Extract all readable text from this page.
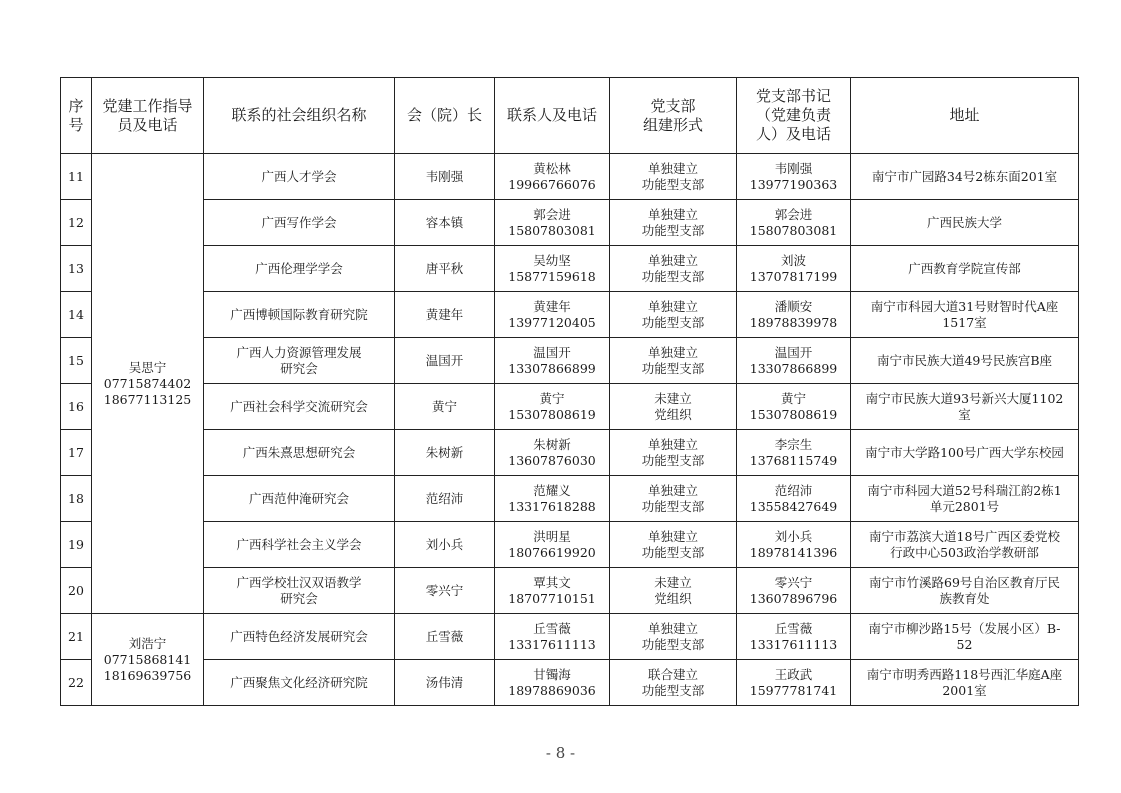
序
号	党建工作指导
员及电话	联系的社会组织名称	会（院）长	联系人及电话	党支部
组建形式	党支部书记
（党建负责
人）及电话	地址

11	吴思宁
07715874402
18677113125	广西人才学会	韦刚强	黄松林
19966766076	单独建立
功能型支部	韦刚强
13977190363	南宁市广园路34号2栋东面201室

12		广西写作学会	容本镇	郭会进
15807803081	单独建立
功能型支部	郭会进
15807803081	广西民族大学

13		广西伦理学学会	唐平秋	吴幼坚
15877159618	单独建立
功能型支部	刘波
13707817199	广西教育学院宣传部

14		广西博顿国际教育研究院	黄建年	黄建年
13977120405	单独建立
功能型支部	潘顺安
18978839978	南宁市科园大道31号财智时代A座
1517室

15		广西人力资源管理发展
研究会	温国开	温国开
13307866899	单独建立
功能型支部	温国开
13307866899	南宁市民族大道49号民族宫B座

16		广西社会科学交流研究会	黄宁	黄宁
15307808619	未建立
党组织	黄宁
15307808619	南宁市民族大道93号新兴大厦1102
室

17		广西朱熹思想研究会	朱树新	朱树新
13607876030	单独建立
功能型支部	李宗生
13768115749	南宁市大学路100号广西大学东校园

18		广西范仲淹研究会	范绍沛	范耀义
13317618288	单独建立
功能型支部	范绍沛
13558427649	南宁市科园大道52号科瑞江韵2栋1
单元2801号

19		广西科学社会主义学会	刘小兵	洪明星
18076619920	单独建立
功能型支部	刘小兵
18978141396	南宁市荔滨大道18号广西区委党校
行政中心503政治学教研部

20		广西学校壮汉双语教学
研究会	零兴宁	覃其文
18707710151	未建立
党组织	零兴宁
13607896796	南宁市竹溪路69号自治区教育厅民
族教育处

21	刘浩宁
07715868141
18169639756	广西特色经济发展研究会	丘雪薇	丘雪薇
13317611113	单独建立
功能型支部	丘雪薇
13317611113	南宁市柳沙路15号（发展小区）B-
52

22		广西聚焦文化经济研究院	汤伟清	甘镯海
18978869036	联合建立
功能型支部	王政武
15977781741	南宁市明秀西路118号西汇华庭A座
2001室
- 8 -
